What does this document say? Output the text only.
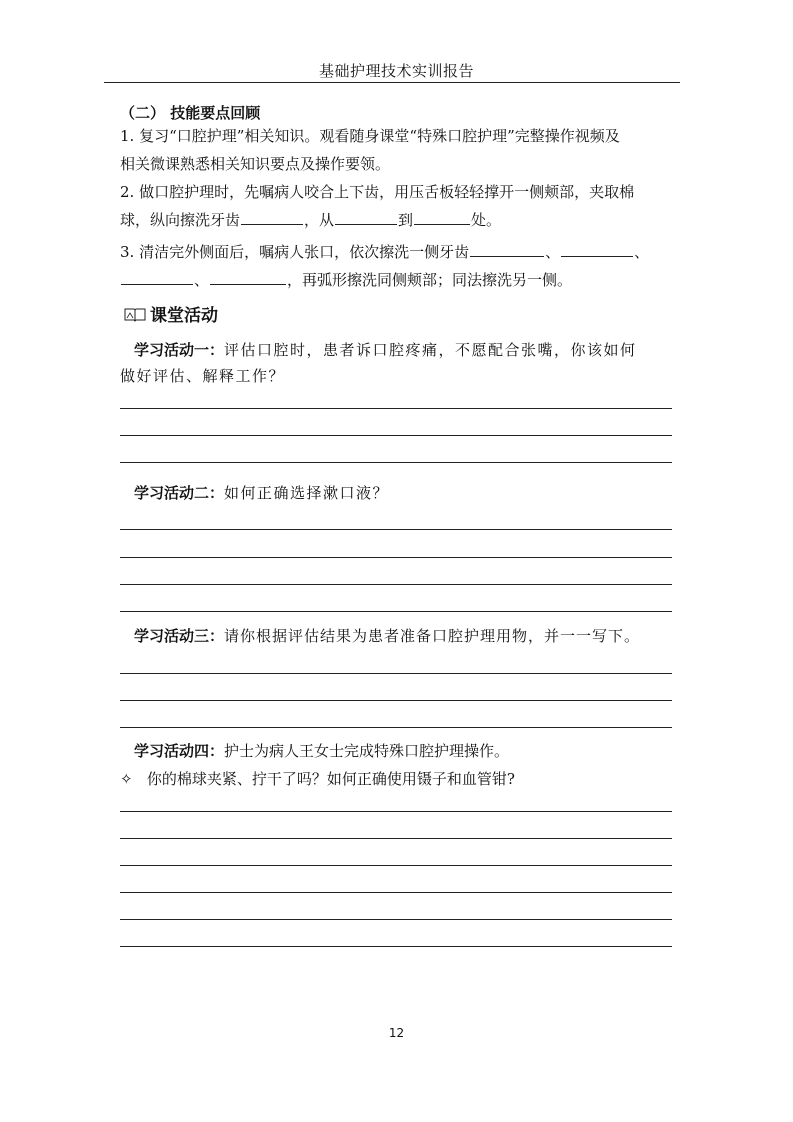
基础护理技术实训报告
（二） 技能要点回顾
1. 复习“口腔护理”相关知识。观看随身课堂“特殊口腔护理”完整操作视频及
相关微课熟悉相关知识要点及操作要领。
2. 做口腔护理时，先嘱病人咬合上下齿，用压舌板轻轻撑开一侧颊部，夹取棉
球，纵向擦洗牙齿	，从	到	处。
3. 清洁完外侧面后，嘱病人张口，依次擦洗一侧牙齿	、	、
、	，再弧形擦洗同侧颊部；同法擦洗另一侧。
课堂活动
学习活动一：评估口腔时，患者诉口腔疼痛，不愿配合张嘴，你该如何
做好评估、解释工作？
学习活动二：如何正确选择漱口液？
学习活动三：请你根据评估结果为患者准备口腔护理用物，并一一写下。
学习活动四：护士为病人王女士完成特殊口腔护理操作。
✧ 你的棉球夹紧、拧干了吗？如何正确使用镊子和血管钳?
12
